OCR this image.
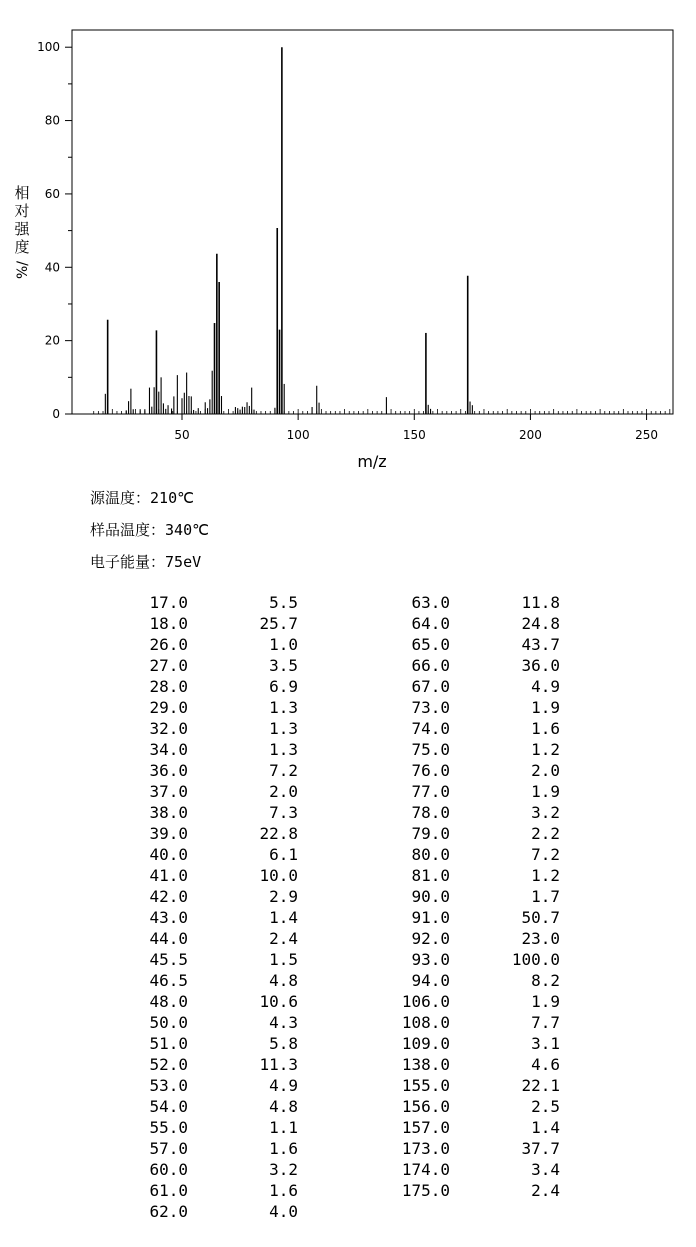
50	100	150	200	250
0
20
40
60
80
100
m/z
相
对
强
度
%/
源温度：210℃
样品温度：340℃
电子能量：75eV
17.0	5.5
18.0	25.7
26.0	1.0
27.0	3.5
28.0	6.9
29.0	1.3
32.0	1.3
34.0	1.3
36.0	7.2
37.0	2.0
38.0	7.3
39.0	22.8
40.0	6.1
41.0	10.0
42.0	2.9
43.0	1.4
44.0	2.4
45.5	1.5
46.5	4.8
48.0	10.6
50.0	4.3
51.0	5.8
52.0	11.3
53.0	4.9
54.0	4.8
55.0	1.1
57.0	1.6
60.0	3.2
61.0	1.6
62.0	4.0
63.0	11.8
64.0	24.8
65.0	43.7
66.0	36.0
67.0	4.9
73.0	1.9
74.0	1.6
75.0	1.2
76.0	2.0
77.0	1.9
78.0	3.2
79.0	2.2
80.0	7.2
81.0	1.2
90.0	1.7
91.0	50.7
92.0	23.0
93.0	100.0
94.0	8.2
106.0	1.9
108.0	7.7
109.0	3.1
138.0	4.6
155.0	22.1
156.0	2.5
157.0	1.4
173.0	37.7
174.0	3.4
175.0	2.4
